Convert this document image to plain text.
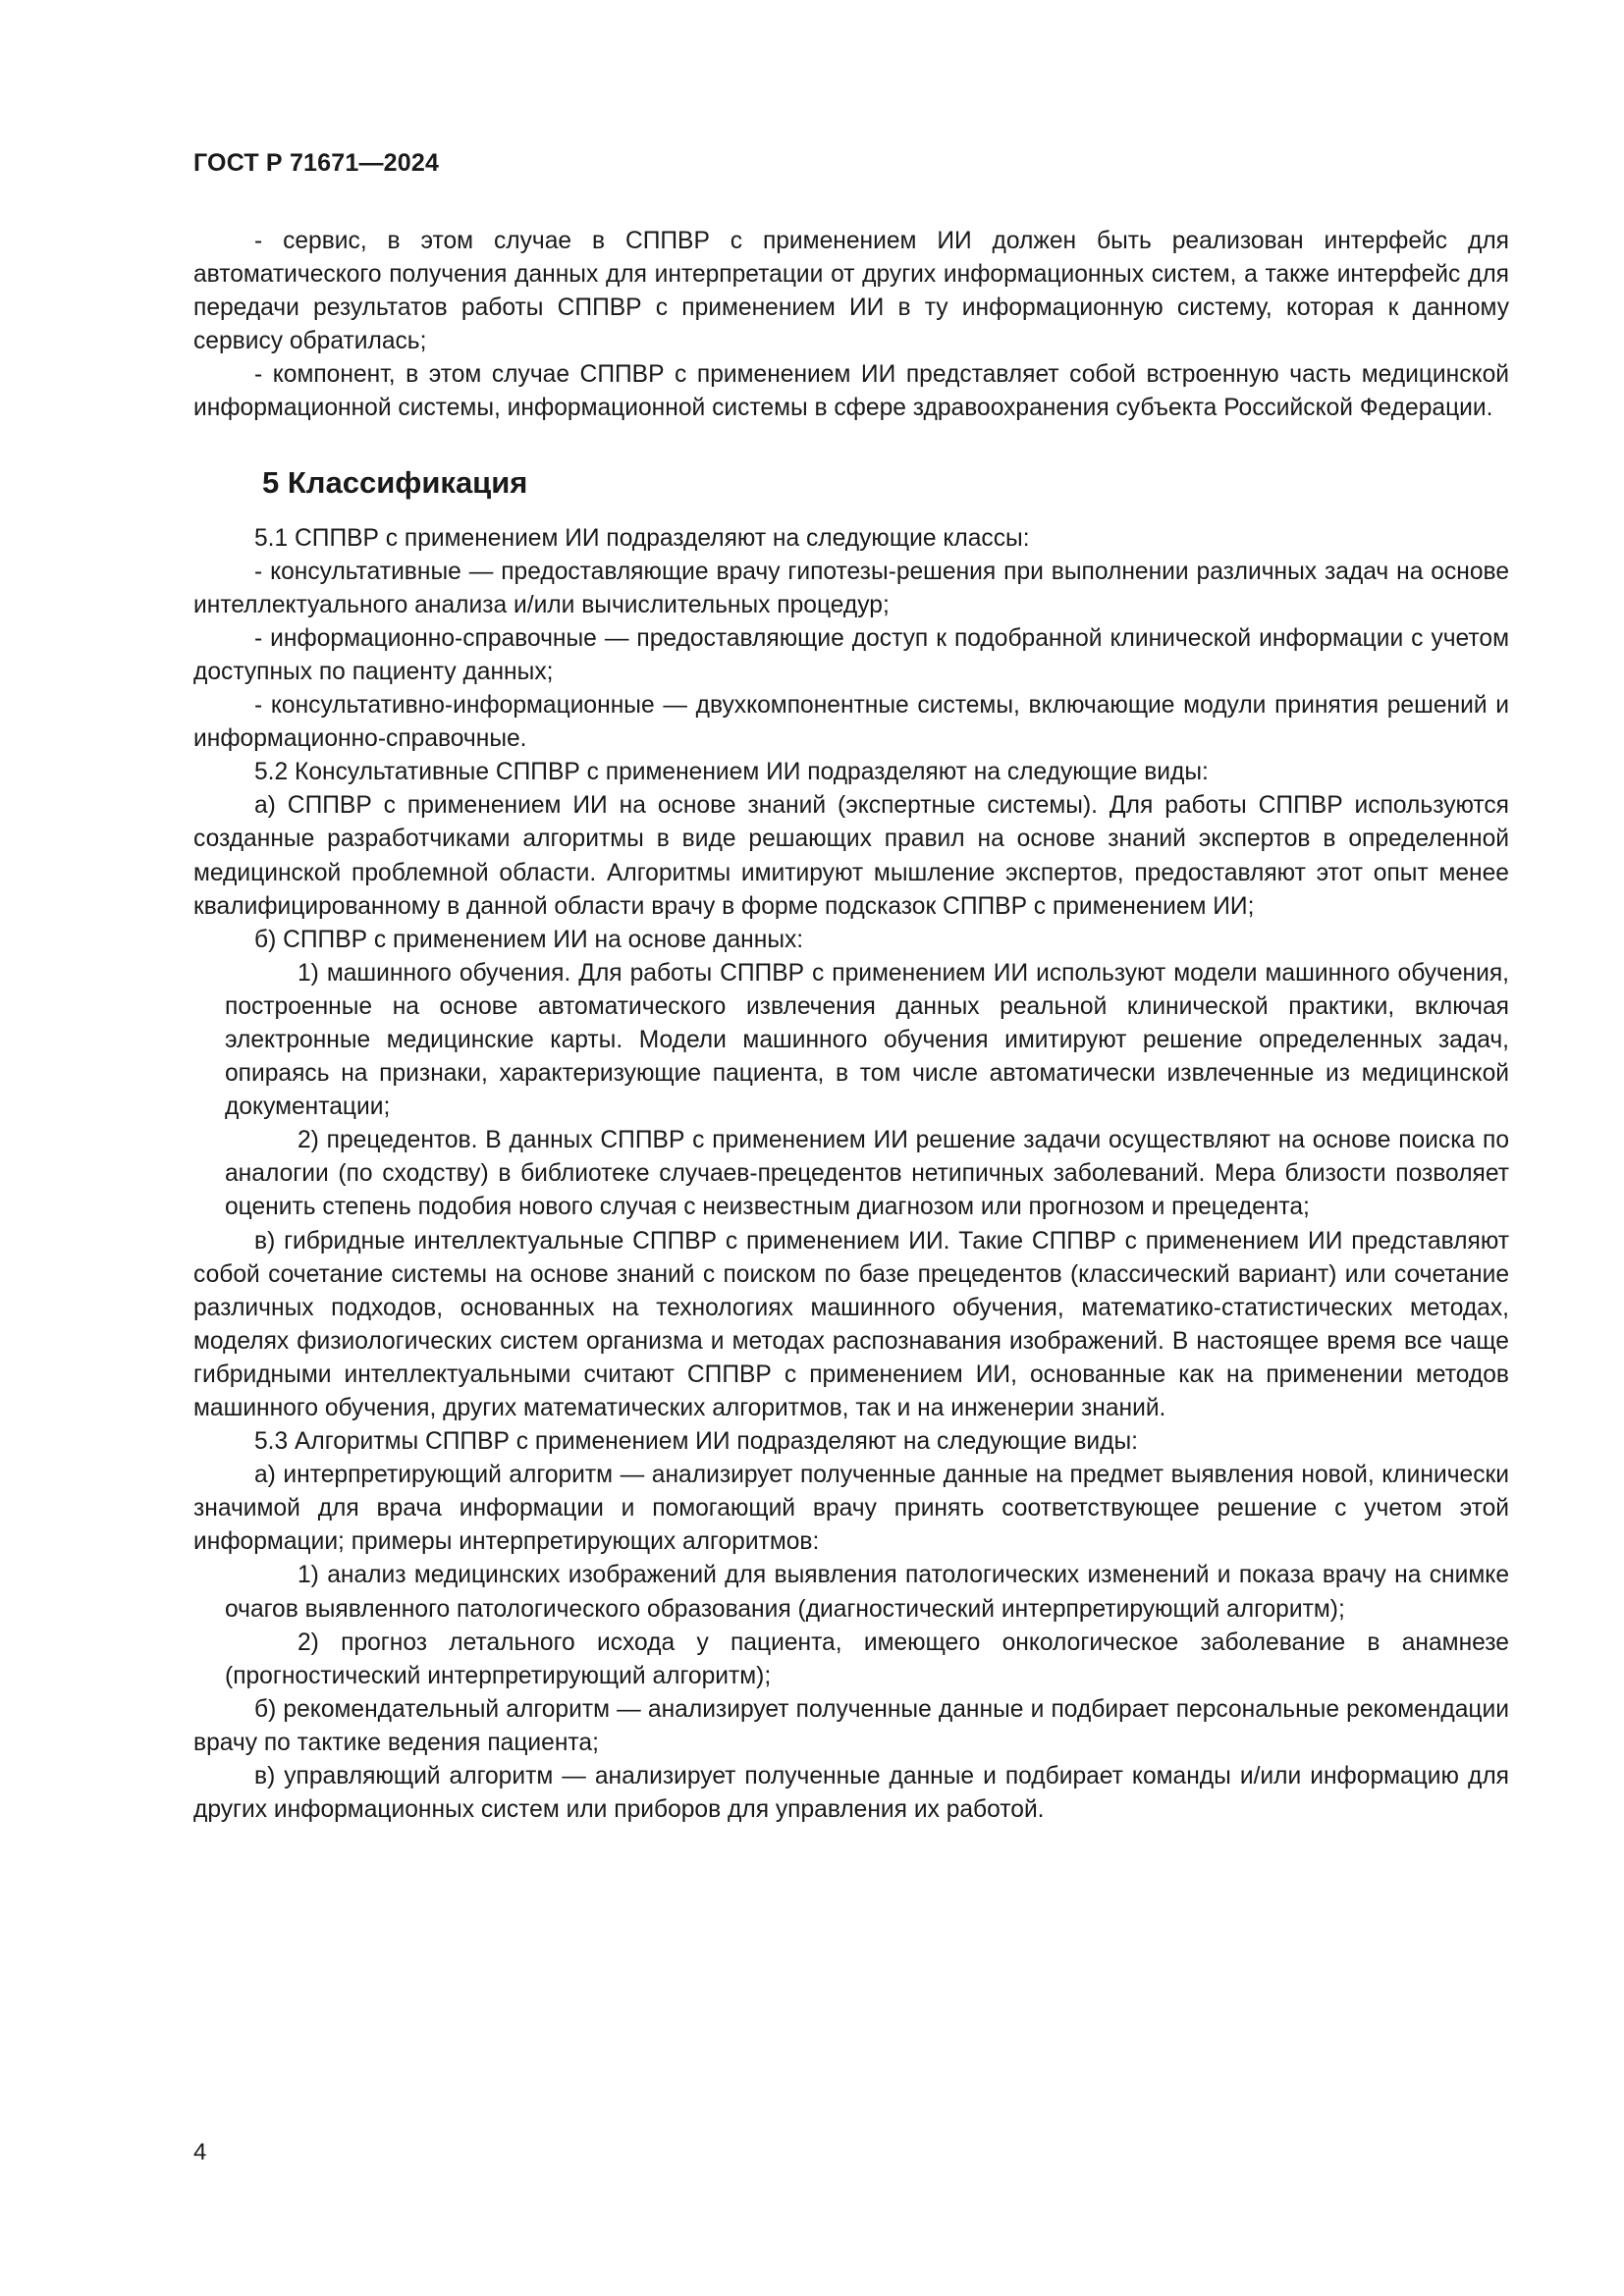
ГОСТ Р 71671—2024

- сервис, в этом случае в СППВР с применением ИИ должен быть реализован интерфейс для автоматического получения данных для интерпретации от других информационных систем, а также интерфейс для передачи результатов работы СППВР с применением ИИ в ту информационную систему, которая к данному сервису обратилась;

- компонент, в этом случае СППВР с применением ИИ представляет собой встроенную часть медицинской информационной системы, информационной системы в сфере здравоохранения субъекта Российской Федерации.

5 Классификация

5.1 СППВР с применением ИИ подразделяют на следующие классы:

- консультативные — предоставляющие врачу гипотезы-решения при выполнении различных задач на основе интеллектуального анализа и/или вычислительных процедур;

- информационно-справочные — предоставляющие доступ к подобранной клинической информации с учетом доступных по пациенту данных;

- консультативно-информационные — двухкомпонентные системы, включающие модули принятия решений и информационно-справочные.

5.2 Консультативные СППВР с применением ИИ подразделяют на следующие виды:

а) СППВР с применением ИИ на основе знаний (экспертные системы). Для работы СППВР используются созданные разработчиками алгоритмы в виде решающих правил на основе знаний экспертов в определенной медицинской проблемной области. Алгоритмы имитируют мышление экспертов, предоставляют этот опыт менее квалифицированному в данной области врачу в форме подсказок СППВР с применением ИИ;

б) СППВР с применением ИИ на основе данных:

1) машинного обучения. Для работы СППВР с применением ИИ используют модели машинного обучения, построенные на основе автоматического извлечения данных реальной клинической практики, включая электронные медицинские карты. Модели машинного обучения имитируют решение определенных задач, опираясь на признаки, характеризующие пациента, в том числе автоматически извлеченные из медицинской документации;

2) прецедентов. В данных СППВР с применением ИИ решение задачи осуществляют на основе поиска по аналогии (по сходству) в библиотеке случаев-прецедентов нетипичных заболеваний. Мера близости позволяет оценить степень подобия нового случая с неизвестным диагнозом или прогнозом и прецедента;

в) гибридные интеллектуальные СППВР с применением ИИ. Такие СППВР с применением ИИ представляют собой сочетание системы на основе знаний с поиском по базе прецедентов (классический вариант) или сочетание различных подходов, основанных на технологиях машинного обучения, математико-статистических методах, моделях физиологических систем организма и методах распознавания изображений. В настоящее время все чаще гибридными интеллектуальными считают СППВР с применением ИИ, основанные как на применении методов машинного обучения, других математических алгоритмов, так и на инженерии знаний.

5.3 Алгоритмы СППВР с применением ИИ подразделяют на следующие виды:

а) интерпретирующий алгоритм — анализирует полученные данные на предмет выявления новой, клинически значимой для врача информации и помогающий врачу принять соответствующее решение с учетом этой информации; примеры интерпретирующих алгоритмов:

1) анализ медицинских изображений для выявления патологических изменений и показа врачу на снимке очагов выявленного патологического образования (диагностический интерпретирующий алгоритм);

2) прогноз летального исхода у пациента, имеющего онкологическое заболевание в анамнезе (прогностический интерпретирующий алгоритм);

б) рекомендательный алгоритм — анализирует полученные данные и подбирает персональные рекомендации врачу по тактике ведения пациента;

в) управляющий алгоритм — анализирует полученные данные и подбирает команды и/или информацию для других информационных систем или приборов для управления их работой.

4
